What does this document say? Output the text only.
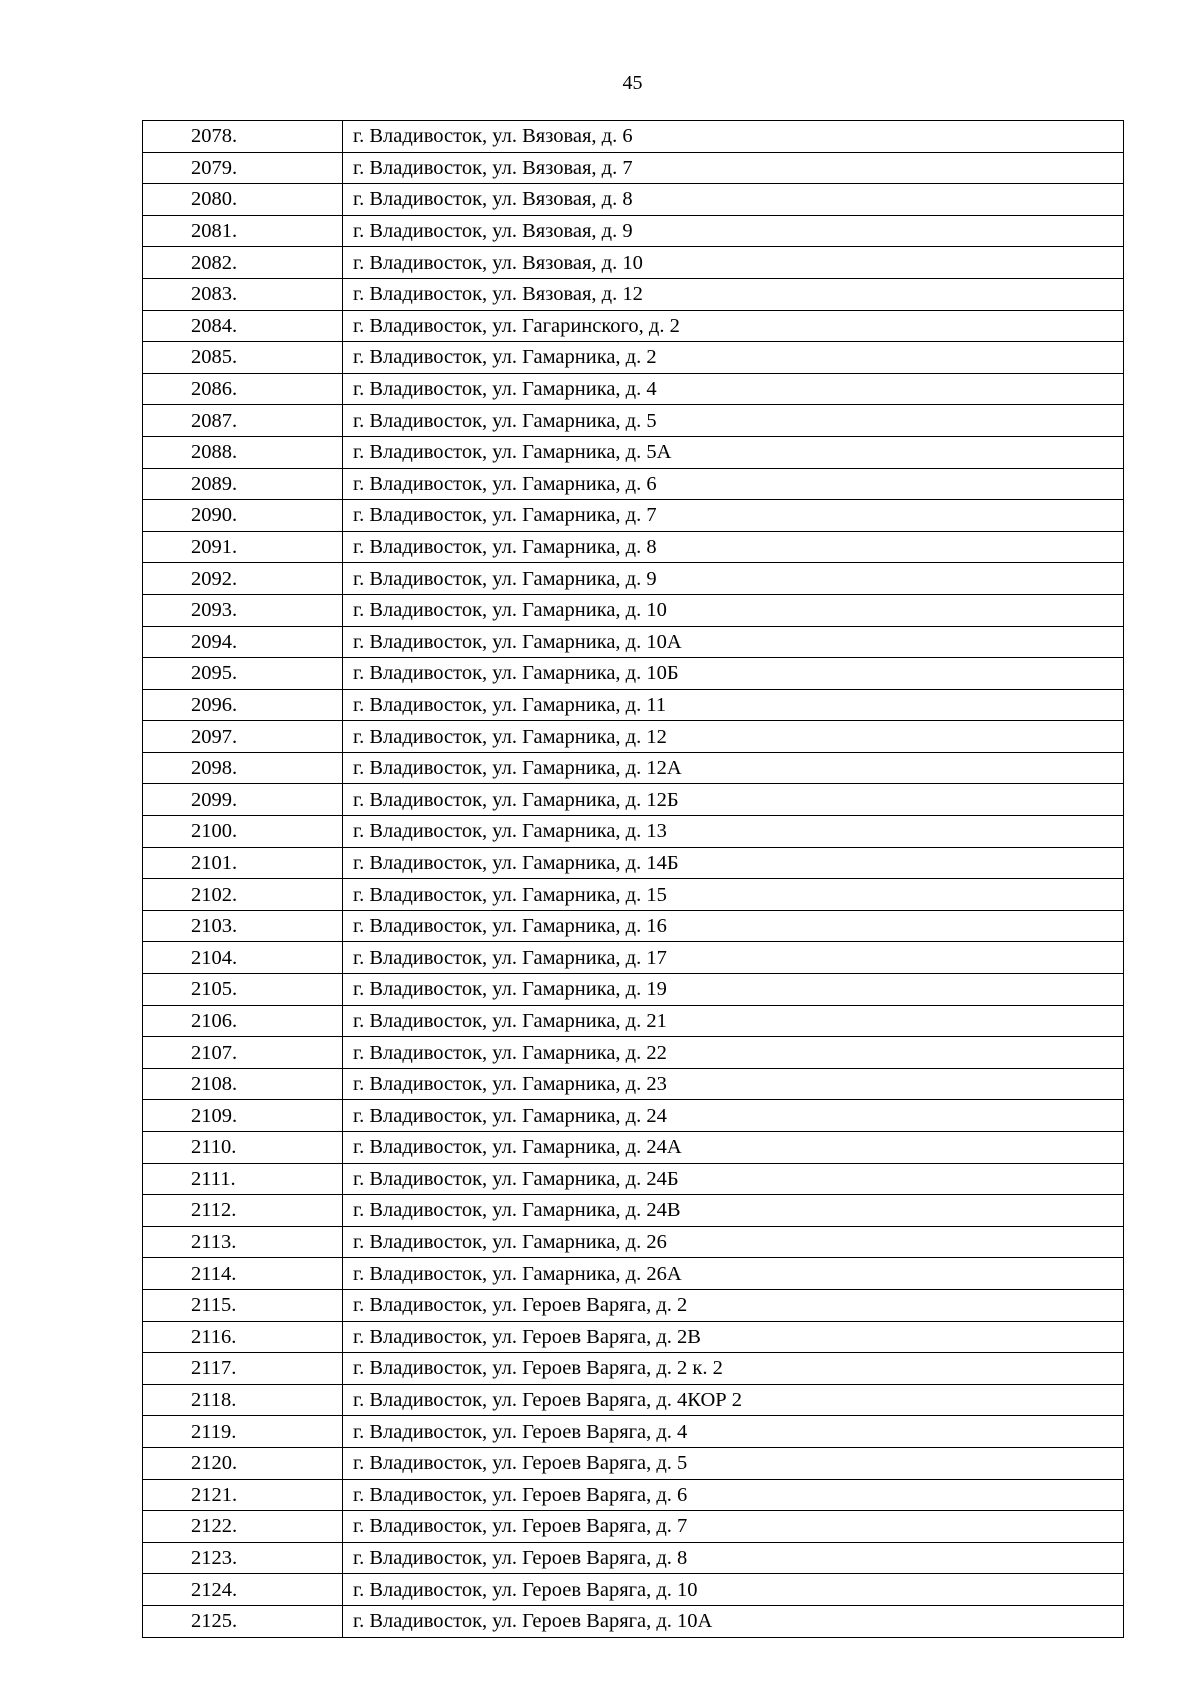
45
2078.	г. Владивосток, ул. Вязовая, д. 6
2079.	г. Владивосток, ул. Вязовая, д. 7
2080.	г. Владивосток, ул. Вязовая, д. 8
2081.	г. Владивосток, ул. Вязовая, д. 9
2082.	г. Владивосток, ул. Вязовая, д. 10
2083.	г. Владивосток, ул. Вязовая, д. 12
2084.	г. Владивосток, ул. Гагаринского, д. 2
2085.	г. Владивосток, ул. Гамарника, д. 2
2086.	г. Владивосток, ул. Гамарника, д. 4
2087.	г. Владивосток, ул. Гамарника, д. 5
2088.	г. Владивосток, ул. Гамарника, д. 5А
2089.	г. Владивосток, ул. Гамарника, д. 6
2090.	г. Владивосток, ул. Гамарника, д. 7
2091.	г. Владивосток, ул. Гамарника, д. 8
2092.	г. Владивосток, ул. Гамарника, д. 9
2093.	г. Владивосток, ул. Гамарника, д. 10
2094.	г. Владивосток, ул. Гамарника, д. 10А
2095.	г. Владивосток, ул. Гамарника, д. 10Б
2096.	г. Владивосток, ул. Гамарника, д. 11
2097.	г. Владивосток, ул. Гамарника, д. 12
2098.	г. Владивосток, ул. Гамарника, д. 12А
2099.	г. Владивосток, ул. Гамарника, д. 12Б
2100.	г. Владивосток, ул. Гамарника, д. 13
2101.	г. Владивосток, ул. Гамарника, д. 14Б
2102.	г. Владивосток, ул. Гамарника, д. 15
2103.	г. Владивосток, ул. Гамарника, д. 16
2104.	г. Владивосток, ул. Гамарника, д. 17
2105.	г. Владивосток, ул. Гамарника, д. 19
2106.	г. Владивосток, ул. Гамарника, д. 21
2107.	г. Владивосток, ул. Гамарника, д. 22
2108.	г. Владивосток, ул. Гамарника, д. 23
2109.	г. Владивосток, ул. Гамарника, д. 24
2110.	г. Владивосток, ул. Гамарника, д. 24А
2111.	г. Владивосток, ул. Гамарника, д. 24Б
2112.	г. Владивосток, ул. Гамарника, д. 24В
2113.	г. Владивосток, ул. Гамарника, д. 26
2114.	г. Владивосток, ул. Гамарника, д. 26А
2115.	г. Владивосток, ул. Героев Варяга, д. 2
2116.	г. Владивосток, ул. Героев Варяга, д. 2В
2117.	г. Владивосток, ул. Героев Варяга, д. 2 к. 2
2118.	г. Владивосток, ул. Героев Варяга, д. 4КОР 2
2119.	г. Владивосток, ул. Героев Варяга, д. 4
2120.	г. Владивосток, ул. Героев Варяга, д. 5
2121.	г. Владивосток, ул. Героев Варяга, д. 6
2122.	г. Владивосток, ул. Героев Варяга, д. 7
2123.	г. Владивосток, ул. Героев Варяга, д. 8
2124.	г. Владивосток, ул. Героев Варяга, д. 10
2125.	г. Владивосток, ул. Героев Варяга, д. 10А
